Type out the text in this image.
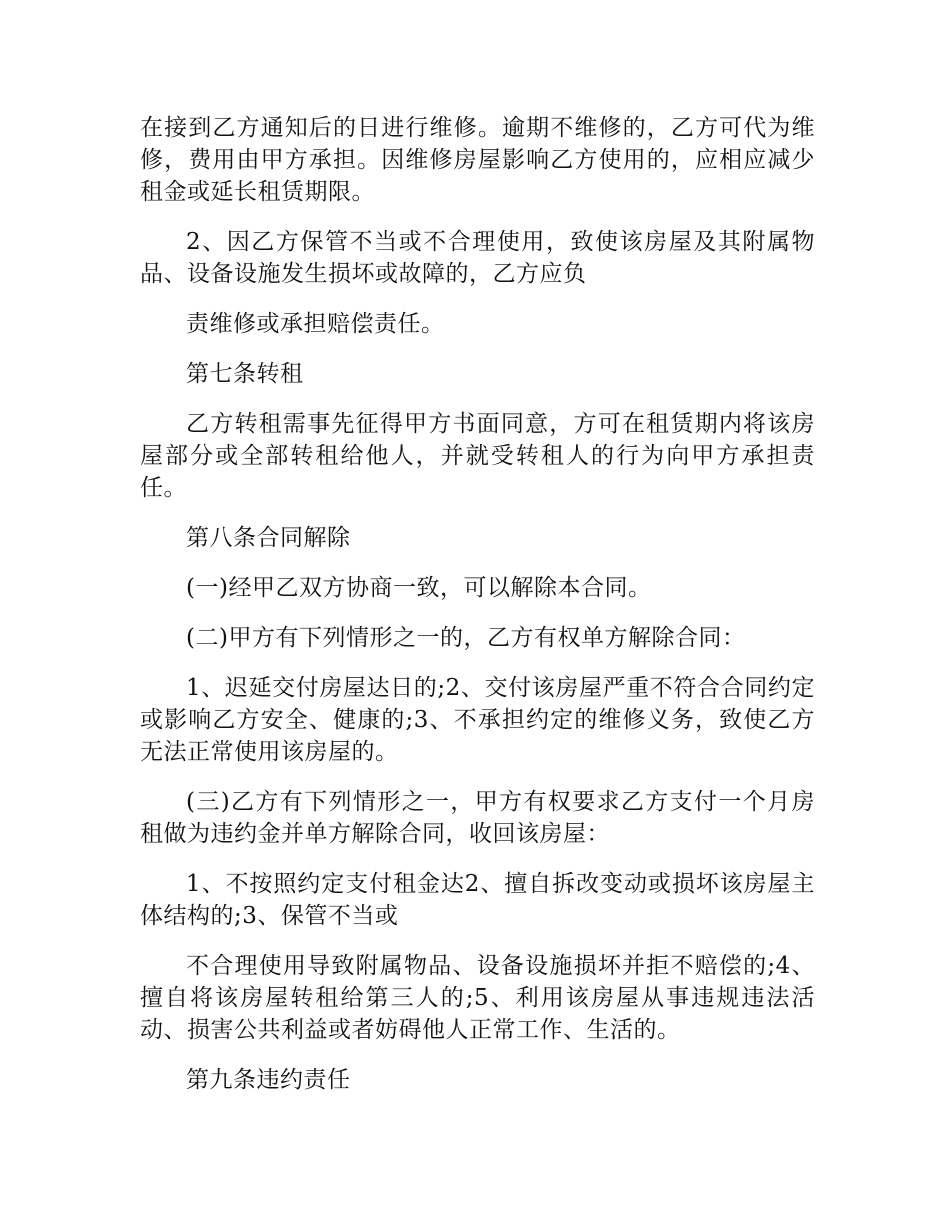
在接到乙方通知后的日进行维修。逾期不维修的，乙方可代为维修，费用由甲方承担。因维修房屋影响乙方使用的，应相应减少租金或延长租赁期限。

2、因乙方保管不当或不合理使用，致使该房屋及其附属物品、设备设施发生损坏或故障的，乙方应负

责维修或承担赔偿责任。

第七条转租

乙方转租需事先征得甲方书面同意，方可在租赁期内将该房屋部分或全部转租给他人，并就受转租人的行为向甲方承担责任。

第八条合同解除

(一)经甲乙双方协商一致，可以解除本合同。

(二)甲方有下列情形之一的，乙方有权单方解除合同：

1、迟延交付房屋达日的;2、交付该房屋严重不符合合同约定或影响乙方安全、健康的;3、不承担约定的维修义务，致使乙方无法正常使用该房屋的。

(三)乙方有下列情形之一，甲方有权要求乙方支付一个月房租做为违约金并单方解除合同，收回该房屋：

1、不按照约定支付租金达2、擅自拆改变动或损坏该房屋主体结构的;3、保管不当或

不合理使用导致附属物品、设备设施损坏并拒不赔偿的;4、擅自将该房屋转租给第三人的;5、利用该房屋从事违规违法活动、损害公共利益或者妨碍他人正常工作、生活的。

第九条违约责任
